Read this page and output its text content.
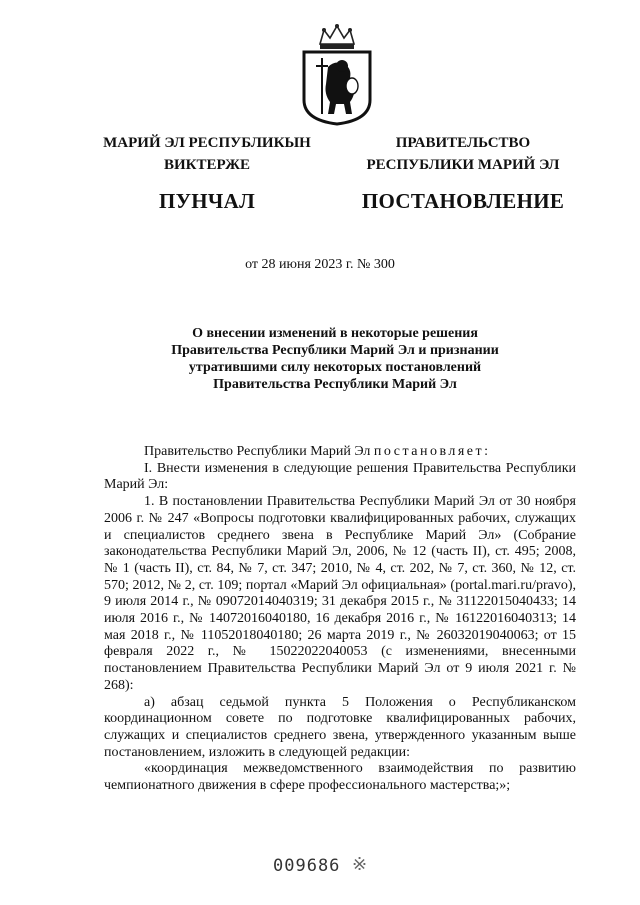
МАРИЙ ЭЛ РЕСПУБЛИКЫН
ВИКТЕРЖЕ
ПУНЧАЛ
ПРАВИТЕЛЬСТВО
РЕСПУБЛИКИ МАРИЙ ЭЛ
ПОСТАНОВЛЕНИЕ
от 28 июня 2023 г. № 300
О внесении изменений в некоторые решения
Правительства Республики Марий Эл и признании
утратившими силу некоторых постановлений
Правительства Республики Марий Эл

Правительство Республики Марий Эл постановляет:

I. Внести изменения в следующие решения Правительства Республики Марий Эл:

1. В постановлении Правительства Республики Марий Эл от 30 ноября 2006 г. № 247 «Вопросы подготовки квалифицированных рабочих, служащих и специалистов среднего звена в Республике Марий Эл» (Собрание законодательства Республики Марий Эл, 2006, № 12 (часть II), ст. 495; 2008, № 1 (часть II), ст. 84, № 7, ст. 347; 2010, № 4, ст. 202, № 7, ст. 360, № 12, ст. 570; 2012, № 2, ст. 109; портал «Марий Эл официальная» (portal.mari.ru/pravo), 9 июля 2014 г., № 09072014040319; 31 декабря 2015 г., № 31122015040433; 14 июля 2016 г., № 14072016040180, 16 декабря 2016 г., № 16122016040313; 14 мая 2018 г., № 11052018040180; 26 марта 2019 г., № 26032019040063; от 15 февраля 2022 г., № 15022022040053 (с изменениями, внесенными постановлением Правительства Республики Марий Эл от 9 июля 2021 г. № 268):

а) абзац седьмой пункта 5 Положения о Республиканском координационном совете по подготовке квалифицированных рабочих, служащих и специалистов среднего звена, утвержденного указанным выше постановлением, изложить в следующей редакции:

«координация межведомственного взаимодействия по развитию чемпионатного движения в сфере профессионального мастерства;»;

009686 ※
